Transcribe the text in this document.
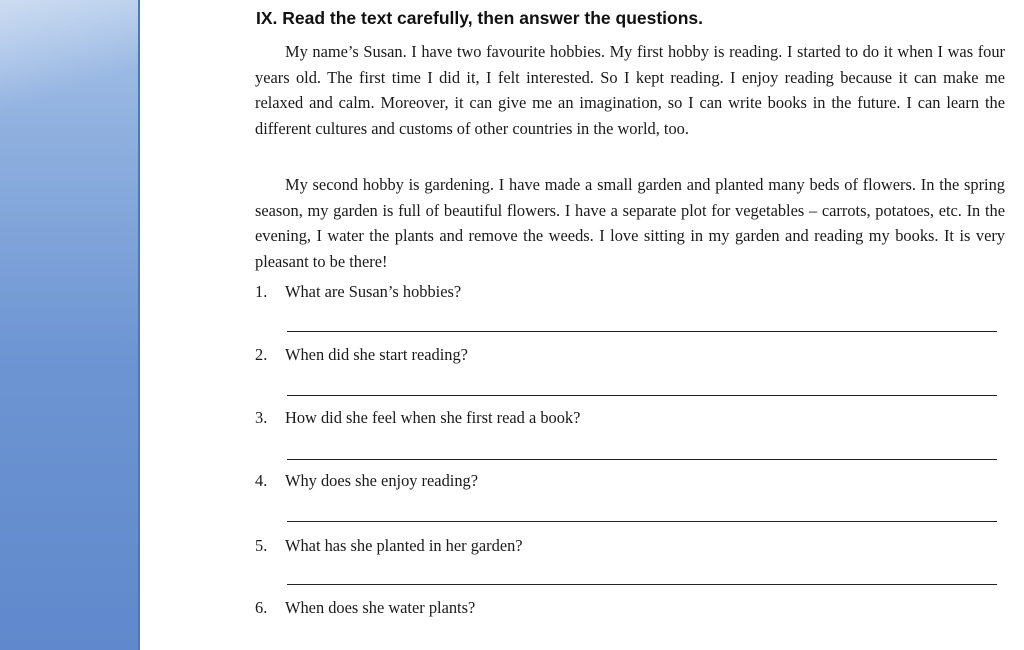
IX. Read the text carefully, then answer the questions.

My name’s Susan. I have two favourite hobbies. My first hobby is reading. I started to do it when I was four years old. The first time I did it, I felt interested. So I kept reading. I enjoy reading because it can make me relaxed and calm. Moreover, it can give me an imagination, so I can write books in the future. I can learn the different cultures and customs of other countries in the world, too.

My second hobby is gardening. I have made a small garden and planted many beds of flowers. In the spring season, my garden is full of beautiful flowers. I have a separate plot for vegetables – carrots, potatoes, etc. In the evening, I water the plants and remove the weeds. I love sitting in my garden and reading my books. It is very pleasant to be there!

1. What are Susan’s hobbies?
2. When did she start reading?
3. How did she feel when she first read a book?
4. Why does she enjoy reading?
5. What has she planted in her garden?
6. When does she water plants?
